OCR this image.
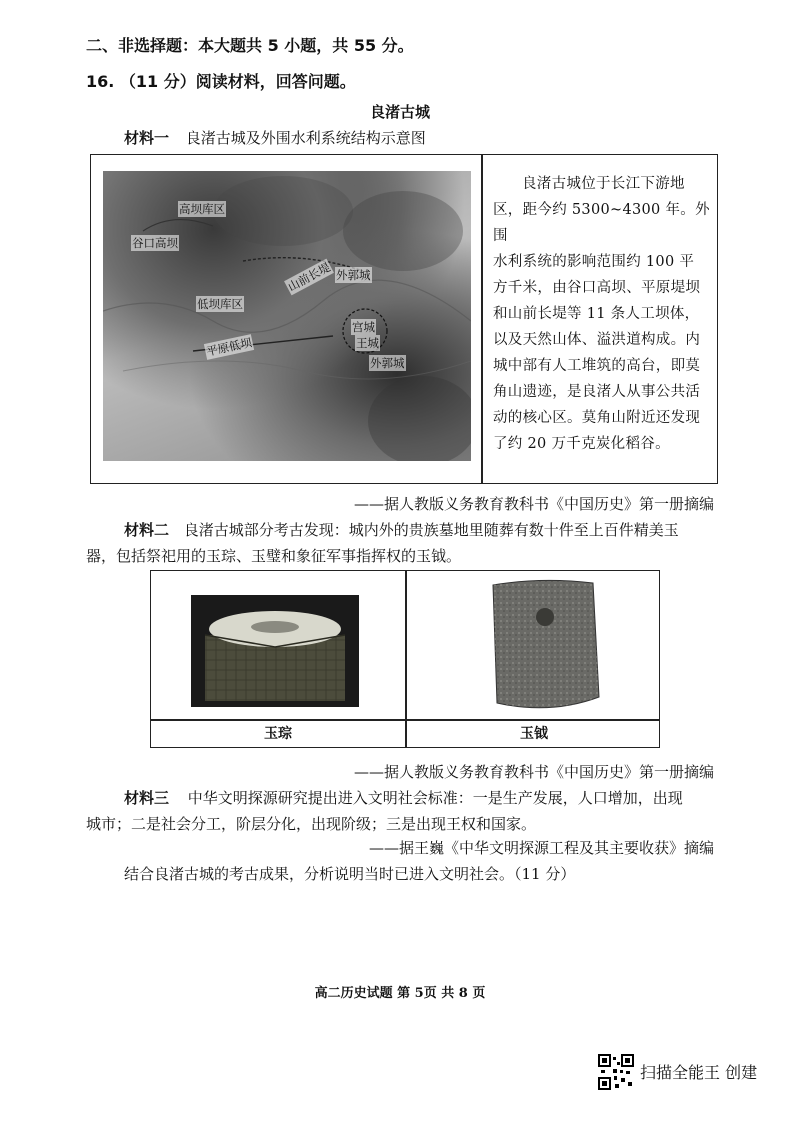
二、非选择题：本大题共 5 小题，共 55 分。
16. （11 分）阅读材料，回答问题。
良渚古城
材料一 良渚古城及外围水利系统结构示意图
高坝库区
谷口高坝
低坝库区
平原低坝
山前长堤 外郭城
宫城
王城
外郭城
良渚古城位于长江下游地
区，距今约 5300~4300 年。外围
水利系统的影响范围约 100 平
方千米，由谷口高坝、平原堤坝
和山前长堤等 11 条人工坝体，
以及天然山体、溢洪道构成。内
城中部有人工堆筑的高台，即莫
角山遗迹，是良渚人从事公共活
动的核心区。莫角山附近还发现
了约 20 万千克炭化稻谷。
——据人教版义务教育教科书《中国历史》第一册摘编
材料二 良渚古城部分考古发现：城内外的贵族墓地里随葬有数十件至上百件精美玉
器，包括祭祀用的玉琮、玉璧和象征军事指挥权的玉钺。
玉琮	玉钺
——据人教版义务教育教科书《中国历史》第一册摘编
材料三 中华文明探源研究提出进入文明社会标准：一是生产发展，人口增加，出现
城市；二是社会分工，阶层分化，出现阶级；三是出现王权和国家。
——据王巍《中华文明探源工程及其主要收获》摘编
结合良渚古城的考古成果，分析说明当时已进入文明社会。（11 分）
高二历史试题 第 5页 共 8 页
扫描全能王 创建
